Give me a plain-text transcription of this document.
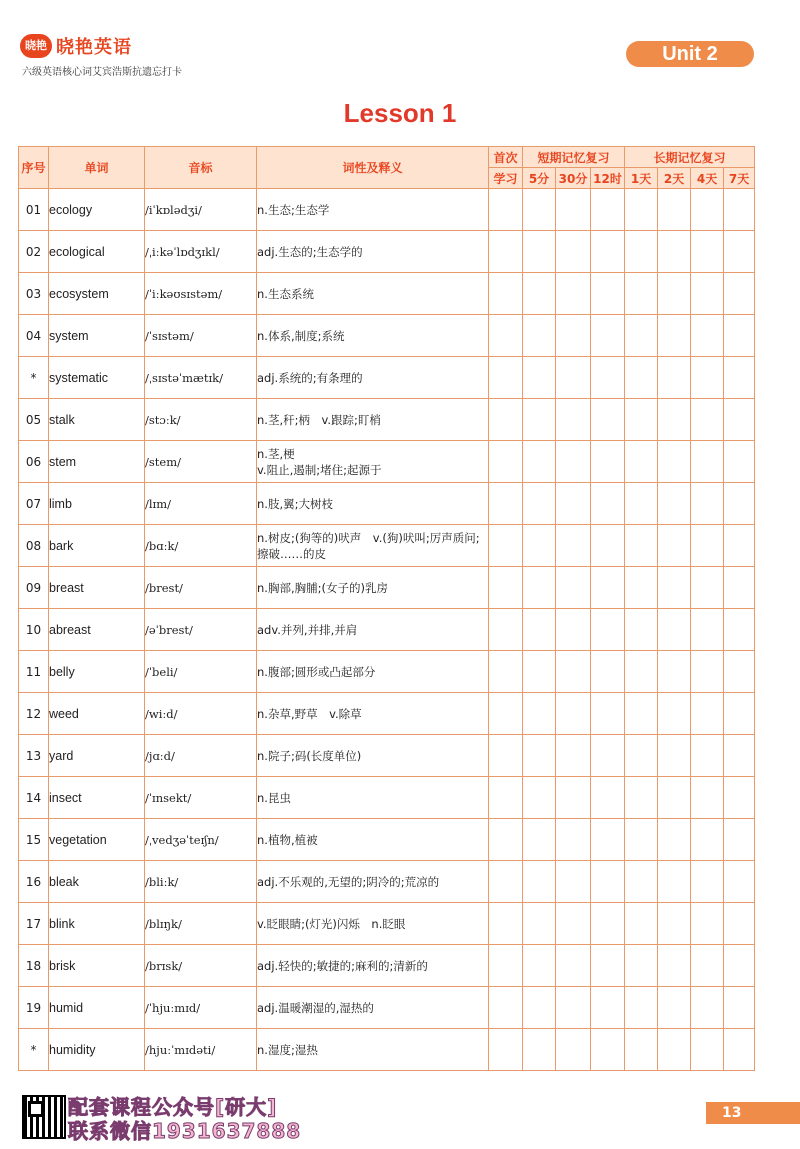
晓艳 晓艳英语
六级英语核心词艾宾浩斯抗遗忘打卡
Unit 2
Lesson 1
序号	单词	音标	词性及释义	首次	短期记忆复习			长期记忆复习			
				学习	5分	30分	12时	1天	2天	4天	7天
01	ecology	/iˈkɒlədʒi/	n.生态;生态学								
02	ecological	/ˌiːkəˈlɒdʒɪkl/	adj.生态的;生态学的								
03	ecosystem	/ˈiːkəʊsɪstəm/	n.生态系统								
04	system	/ˈsɪstəm/	n.体系,制度;系统								
*	systematic	/ˌsɪstəˈmætɪk/	adj.系统的;有条理的								
05	stalk	/stɔːk/	n.茎,秆;柄　v.跟踪;盯梢								
06	stem	/stem/	n.茎,梗
v.阻止,遏制;堵住;起源于								
07	limb	/lɪm/	n.肢,翼;大树枝								
08	bark	/bɑːk/	n.树皮;(狗等的)吠声　v.(狗)吠叫;厉声质问;擦破……的皮								
09	breast	/brest/	n.胸部,胸脯;(女子的)乳房								
10	abreast	/əˈbrest/	adv.并列,并排,并肩								
11	belly	/ˈbeli/	n.腹部;圆形或凸起部分								
12	weed	/wiːd/	n.杂草,野草　v.除草								
13	yard	/jɑːd/	n.院子;码(长度单位)								
14	insect	/ˈɪnsekt/	n.昆虫								
15	vegetation	/ˌvedʒəˈteɪʃn/	n.植物,植被								
16	bleak	/bliːk/	adj.不乐观的,无望的;阴冷的;荒凉的								
17	blink	/blɪŋk/	v.眨眼睛;(灯光)闪烁　n.眨眼								
18	brisk	/brɪsk/	adj.轻快的;敏捷的;麻利的;清新的								
19	humid	/ˈhjuːmɪd/	adj.温暖潮湿的,湿热的								
*	humidity	/hjuːˈmɪdəti/	n.湿度;湿热								
配套课程公众号[研大]
联系微信1931637888
13
